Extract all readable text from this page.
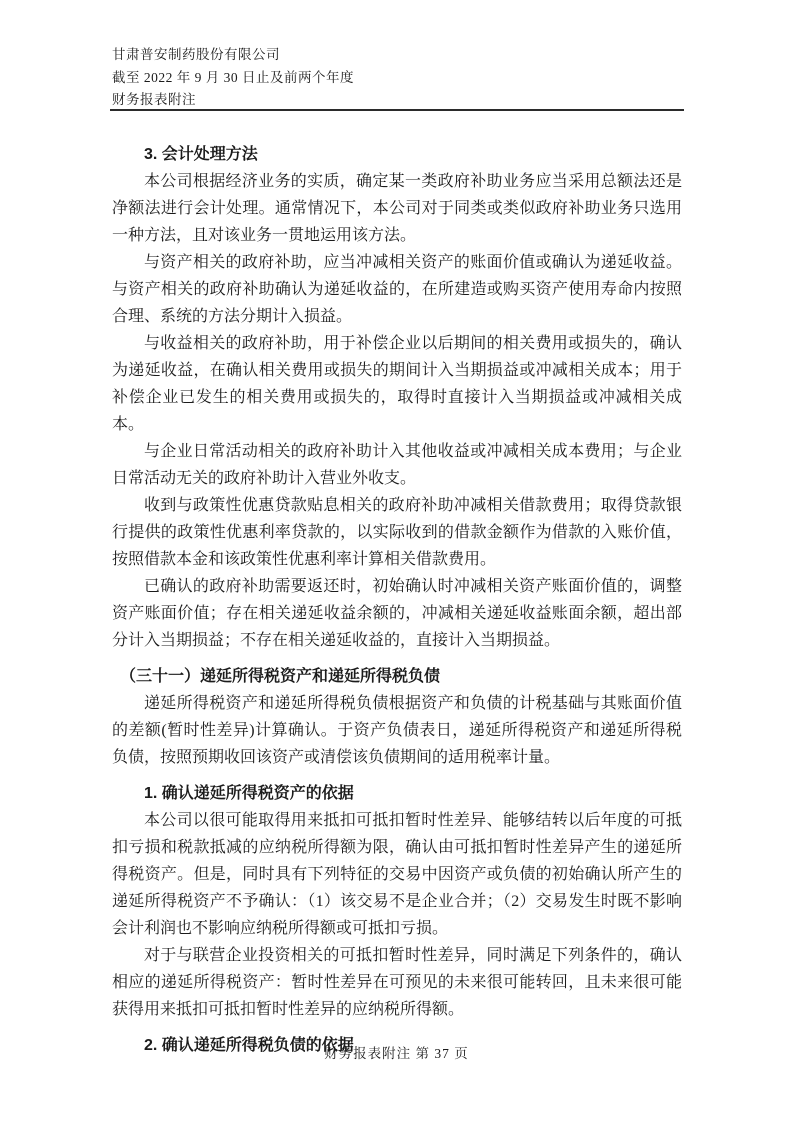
甘肃普安制药股份有限公司
截至 2022 年 9 月 30 日止及前两个年度
财务报表附注
3. 会计处理方法

本公司根据经济业务的实质，确定某一类政府补助业务应当采用总额法还是净额法进行会计处理。通常情况下，本公司对于同类或类似政府补助业务只选用一种方法，且对该业务一贯地运用该方法。

与资产相关的政府补助，应当冲减相关资产的账面价值或确认为递延收益。与资产相关的政府补助确认为递延收益的，在所建造或购买资产使用寿命内按照合理、系统的方法分期计入损益。

与收益相关的政府补助，用于补偿企业以后期间的相关费用或损失的，确认为递延收益，在确认相关费用或损失的期间计入当期损益或冲减相关成本；用于补偿企业已发生的相关费用或损失的，取得时直接计入当期损益或冲减相关成本。

与企业日常活动相关的政府补助计入其他收益或冲减相关成本费用；与企业日常活动无关的政府补助计入营业外收支。

收到与政策性优惠贷款贴息相关的政府补助冲减相关借款费用；取得贷款银行提供的政策性优惠利率贷款的，以实际收到的借款金额作为借款的入账价值，按照借款本金和该政策性优惠利率计算相关借款费用。

已确认的政府补助需要返还时，初始确认时冲减相关资产账面价值的，调整资产账面价值；存在相关递延收益余额的，冲减相关递延收益账面余额，超出部分计入当期损益；不存在相关递延收益的，直接计入当期损益。

（三十一）递延所得税资产和递延所得税负债

递延所得税资产和递延所得税负债根据资产和负债的计税基础与其账面价值的差额(暂时性差异)计算确认。于资产负债表日，递延所得税资产和递延所得税负债，按照预期收回该资产或清偿该负债期间的适用税率计量。

1. 确认递延所得税资产的依据

本公司以很可能取得用来抵扣可抵扣暂时性差异、能够结转以后年度的可抵扣亏损和税款抵减的应纳税所得额为限，确认由可抵扣暂时性差异产生的递延所得税资产。但是，同时具有下列特征的交易中因资产或负债的初始确认所产生的递延所得税资产不予确认：（1）该交易不是企业合并；（2）交易发生时既不影响会计利润也不影响应纳税所得额或可抵扣亏损。

对于与联营企业投资相关的可抵扣暂时性差异，同时满足下列条件的，确认相应的递延所得税资产：暂时性差异在可预见的未来很可能转回，且未来很可能获得用来抵扣可抵扣暂时性差异的应纳税所得额。

2. 确认递延所得税负债的依据
财务报表附注 第 37 页
